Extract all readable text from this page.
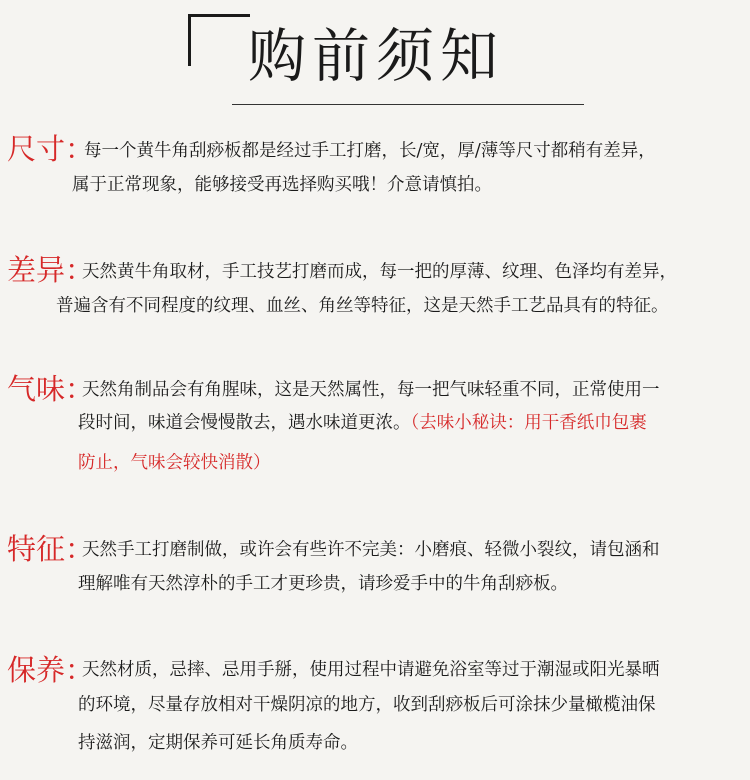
购前须知
尺寸：
每一个黄牛角刮痧板都是经过手工打磨，长/宽，厚/薄等尺寸都稍有差异，
属于正常现象，能够接受再选择购买哦！介意请慎拍。
差异：
天然黄牛角取材，手工技艺打磨而成，每一把的厚薄、纹理、色泽均有差异，
普遍含有不同程度的纹理、血丝、角丝等特征，这是天然手工艺品具有的特征。
气味：
天然角制品会有角腥味，这是天然属性，每一把气味轻重不同，正常使用一
段时间，味道会慢慢散去，遇水味道更浓。（去味小秘诀：用干香纸巾包裹
防止，气味会较快消散）
特征：
天然手工打磨制做，或许会有些许不完美：小磨痕、轻微小裂纹，请包涵和
理解唯有天然淳朴的手工才更珍贵，请珍爱手中的牛角刮痧板。
保养：
天然材质，忌摔、忌用手掰，使用过程中请避免浴室等过于潮湿或阳光暴晒
的环境，尽量存放相对干燥阴凉的地方，收到刮痧板后可涂抹少量橄榄油保
持滋润，定期保养可延长角质寿命。
